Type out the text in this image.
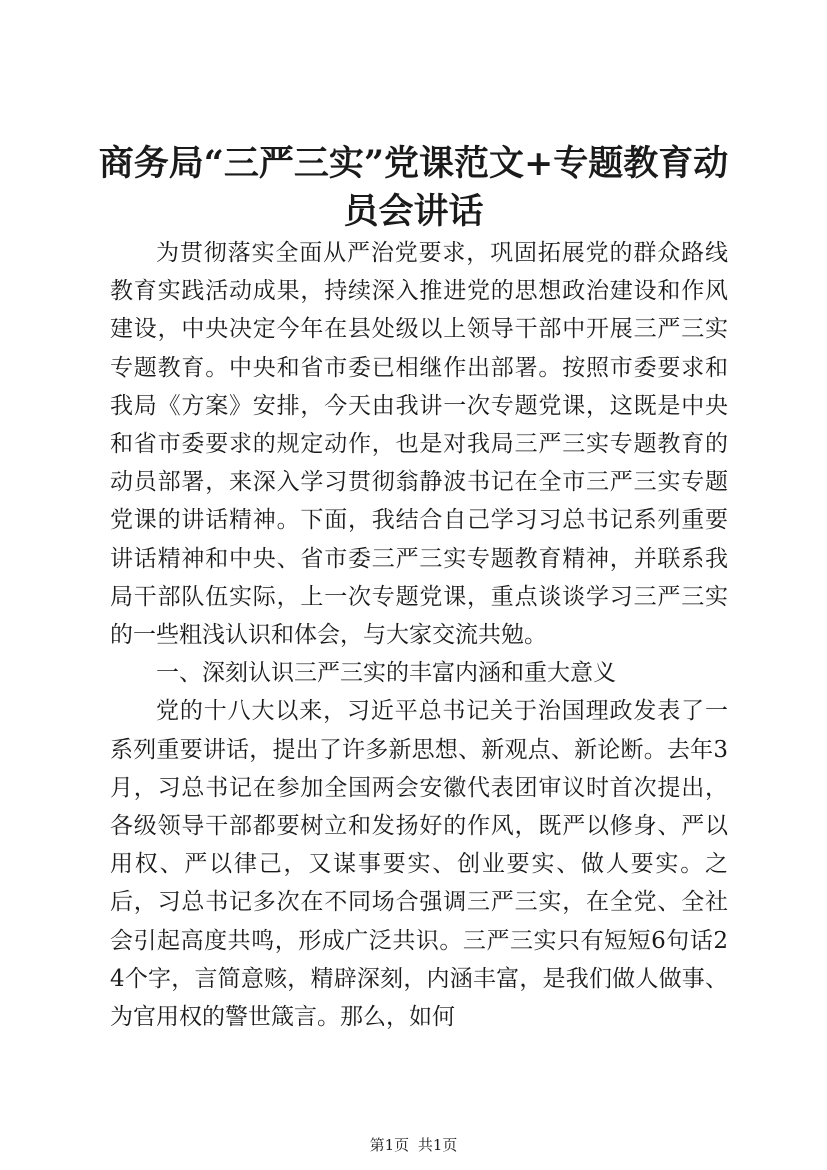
商务局“三严三实”党课范文+专题教育动员会讲话

为贯彻落实全面从严治党要求，巩固拓展党的群众路线教育实践活动成果，持续深入推进党的思想政治建设和作风建设，中央决定今年在县处级以上领导干部中开展三严三实专题教育。中央和省市委已相继作出部署。按照市委要求和我局《方案》安排，今天由我讲一次专题党课，这既是中央和省市委要求的规定动作，也是对我局三严三实专题教育的动员部署，来深入学习贯彻翁静波书记在全市三严三实专题党课的讲话精神。下面，我结合自己学习习总书记系列重要讲话精神和中央、省市委三严三实专题教育精神，并联系我局干部队伍实际，上一次专题党课，重点谈谈学习三严三实的一些粗浅认识和体会，与大家交流共勉。

一、深刻认识三严三实的丰富内涵和重大意义

党的十八大以来，习近平总书记关于治国理政发表了一系列重要讲话，提出了许多新思想、新观点、新论断。去年3月，习总书记在参加全国两会安徽代表团审议时首次提出，各级领导干部都要树立和发扬好的作风，既严以修身、严以用权、严以律己，又谋事要实、创业要实、做人要实。之后，习总书记多次在不同场合强调三严三实，在全党、全社会引起高度共鸣，形成广泛共识。三严三实只有短短6句话24个字，言简意赅，精辟深刻，内涵丰富，是我们做人做事、为官用权的警世箴言。那么，如何

第1页 共1页
